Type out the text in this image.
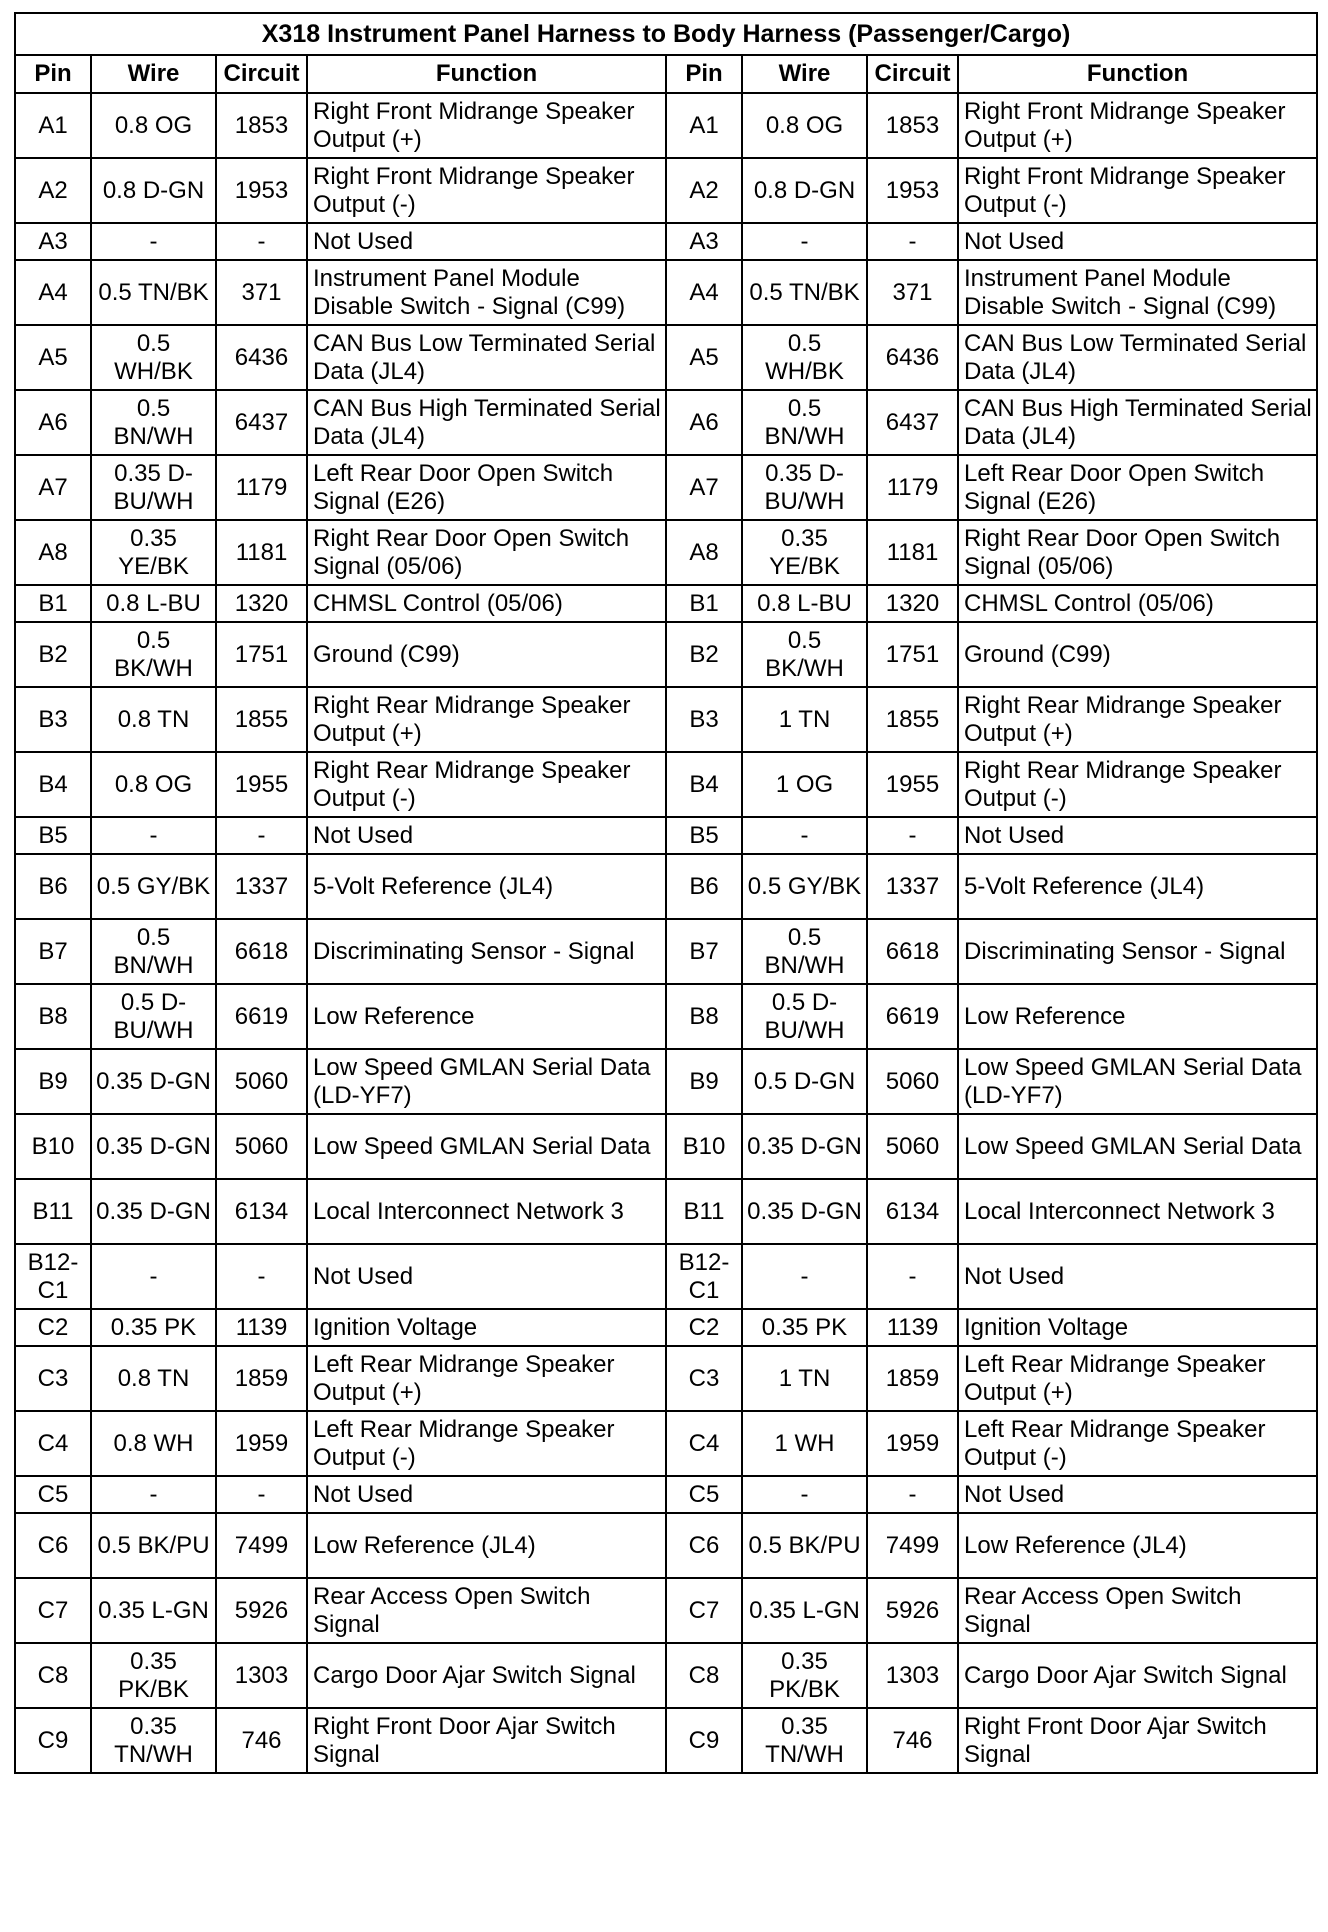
X318 Instrument Panel Harness to Body Harness (Passenger/Cargo)							
Pin	Wire	Circuit	Function	Pin	Wire	Circuit	Function
A1	0.8 OG	1853	Right Front Midrange Speaker Output (+)	A1	0.8 OG	1853	Right Front Midrange Speaker Output (+)
A2	0.8 D-GN	1953	Right Front Midrange Speaker Output (-)	A2	0.8 D-GN	1953	Right Front Midrange Speaker Output (-)
A3	-	-	Not Used	A3	-	-	Not Used
A4	0.5 TN/BK	371	Instrument Panel Module Disable Switch - Signal (C99)	A4	0.5 TN/BK	371	Instrument Panel Module Disable Switch - Signal (C99)
A5	0.5 WH/BK	6436	CAN Bus Low Terminated Serial Data (JL4)	A5	0.5 WH/BK	6436	CAN Bus Low Terminated Serial Data (JL4)
A6	0.5 BN/WH	6437	CAN Bus High Terminated Serial Data (JL4)	A6	0.5 BN/WH	6437	CAN Bus High Terminated Serial Data (JL4)
A7	0.35 D-BU/WH	1179	Left Rear Door Open Switch Signal (E26)	A7	0.35 D-BU/WH	1179	Left Rear Door Open Switch Signal (E26)
A8	0.35 YE/BK	1181	Right Rear Door Open Switch Signal (05/06)	A8	0.35 YE/BK	1181	Right Rear Door Open Switch Signal (05/06)
B1	0.8 L-BU	1320	CHMSL Control (05/06)	B1	0.8 L-BU	1320	CHMSL Control (05/06)
B2	0.5 BK/WH	1751	Ground (C99)	B2	0.5 BK/WH	1751	Ground (C99)
B3	0.8 TN	1855	Right Rear Midrange Speaker Output (+)	B3	1 TN	1855	Right Rear Midrange Speaker Output (+)
B4	0.8 OG	1955	Right Rear Midrange Speaker Output (-)	B4	1 OG	1955	Right Rear Midrange Speaker Output (-)
B5	-	-	Not Used	B5	-	-	Not Used
B6	0.5 GY/BK	1337	5-Volt Reference (JL4)	B6	0.5 GY/BK	1337	5-Volt Reference (JL4)
B7	0.5 BN/WH	6618	Discriminating Sensor - Signal	B7	0.5 BN/WH	6618	Discriminating Sensor - Signal
B8	0.5 D-BU/WH	6619	Low Reference	B8	0.5 D-BU/WH	6619	Low Reference
B9	0.35 D-GN	5060	Low Speed GMLAN Serial Data (LD-YF7)	B9	0.5 D-GN	5060	Low Speed GMLAN Serial Data (LD-YF7)
B10	0.35 D-GN	5060	Low Speed GMLAN Serial Data	B10	0.35 D-GN	5060	Low Speed GMLAN Serial Data
B11	0.35 D-GN	6134	Local Interconnect Network 3	B11	0.35 D-GN	6134	Local Interconnect Network 3
B12-C1	-	-	Not Used	B12-C1	-	-	Not Used
C2	0.35 PK	1139	Ignition Voltage	C2	0.35 PK	1139	Ignition Voltage
C3	0.8 TN	1859	Left Rear Midrange Speaker Output (+)	C3	1 TN	1859	Left Rear Midrange Speaker Output (+)
C4	0.8 WH	1959	Left Rear Midrange Speaker Output (-)	C4	1 WH	1959	Left Rear Midrange Speaker Output (-)
C5	-	-	Not Used	C5	-	-	Not Used
C6	0.5 BK/PU	7499	Low Reference (JL4)	C6	0.5 BK/PU	7499	Low Reference (JL4)
C7	0.35 L-GN	5926	Rear Access Open Switch Signal	C7	0.35 L-GN	5926	Rear Access Open Switch Signal
C8	0.35 PK/BK	1303	Cargo Door Ajar Switch Signal	C8	0.35 PK/BK	1303	Cargo Door Ajar Switch Signal
C9	0.35 TN/WH	746	Right Front Door Ajar Switch Signal	C9	0.35 TN/WH	746	Right Front Door Ajar Switch Signal
